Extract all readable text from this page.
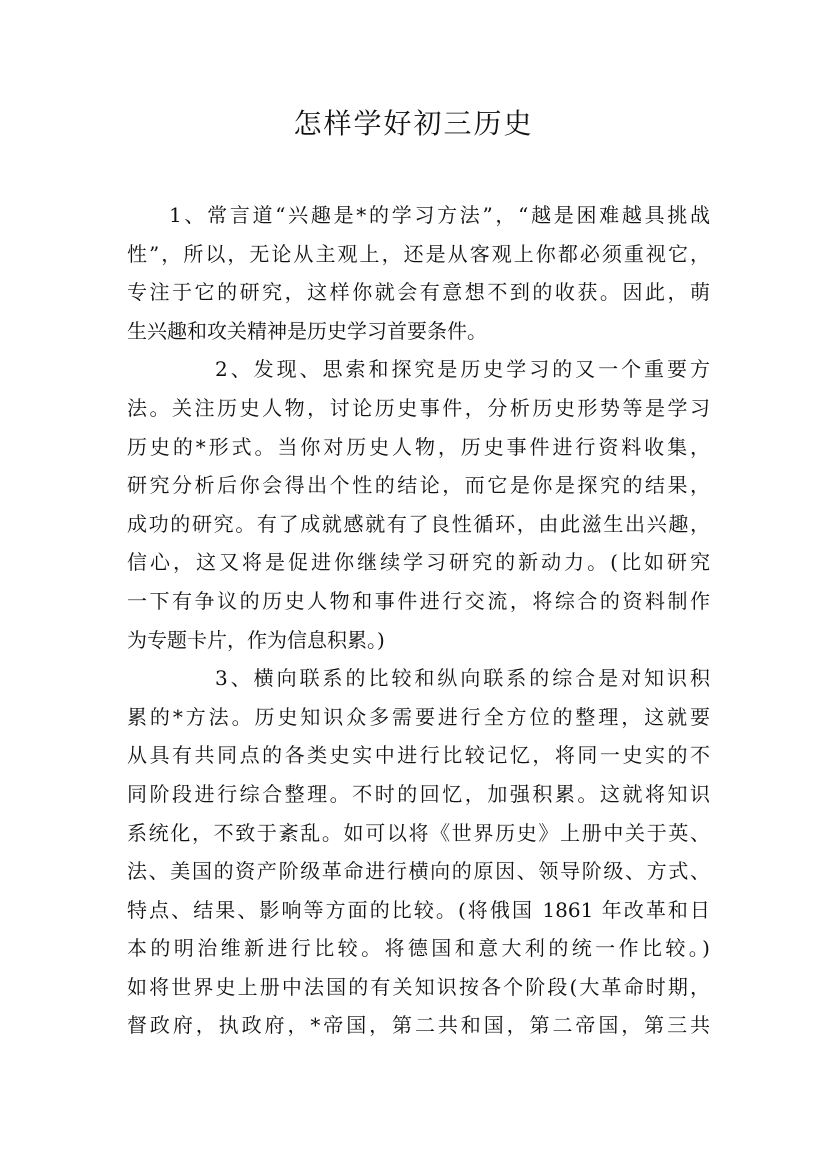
怎样学好初三历史
1、常言道“兴趣是*的学习方法”，“越是困难越具挑战
性”，所以，无论从主观上，还是从客观上你都必须重视它，
专注于它的研究，这样你就会有意想不到的收获。因此，萌
生兴趣和攻关精神是历史学习首要条件。
2、发现、思索和探究是历史学习的又一个重要方
法。关注历史人物，讨论历史事件，分析历史形势等是学习
历史的*形式。当你对历史人物，历史事件进行资料收集，
研究分析后你会得出个性的结论，而它是你是探究的结果，
成功的研究。有了成就感就有了良性循环，由此滋生出兴趣，
信心，这又将是促进你继续学习研究的新动力。(比如研究
一下有争议的历史人物和事件进行交流，将综合的资料制作
为专题卡片，作为信息积累。)
3、横向联系的比较和纵向联系的综合是对知识积
累的*方法。历史知识众多需要进行全方位的整理，这就要
从具有共同点的各类史实中进行比较记忆，将同一史实的不
同阶段进行综合整理。不时的回忆，加强积累。这就将知识
系统化，不致于紊乱。如可以将《世界历史》上册中关于英、
法、美国的资产阶级革命进行横向的原因、领导阶级、方式、
特点、结果、影响等方面的比较。(将俄国 1861 年改革和日
本的明治维新进行比较。将德国和意大利的统一作比较。)
如将世界史上册中法国的有关知识按各个阶段(大革命时期，
督政府，执政府，*帝国，第二共和国，第二帝国，第三共
